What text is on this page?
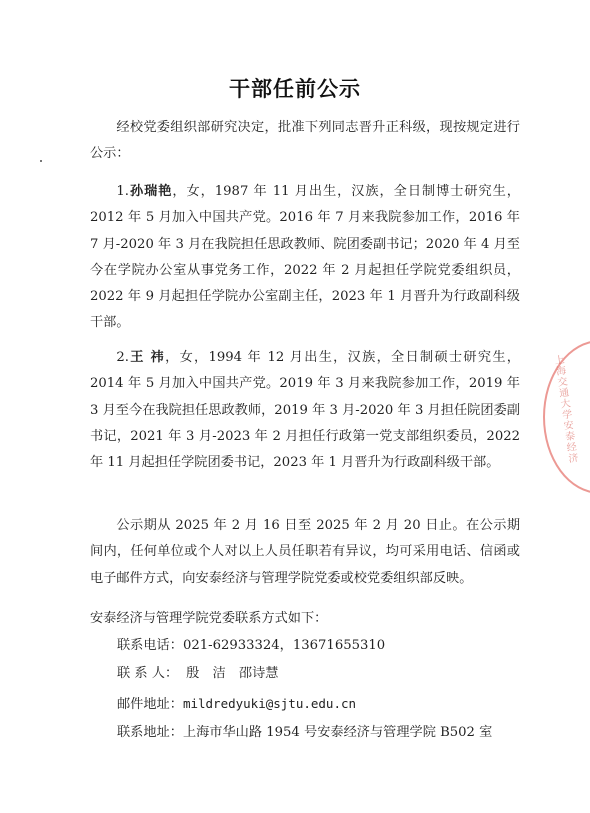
干部任前公示

经校党委组织部研究决定，批准下列同志晋升正科级，现按规定进行公示：

1.孙瑞艳，女，1987 年 11 月出生，汉族，全日制博士研究生，2012 年 5 月加入中国共产党。2016 年 7 月来我院参加工作，2016 年 7 月-2020 年 3 月在我院担任思政教师、院团委副书记；2020 年 4 月至今在学院办公室从事党务工作，2022 年 2 月起担任学院党委组织员，2022 年 9 月起担任学院办公室副主任，2023 年 1 月晋升为行政副科级干部。

2.王 祎，女，1994 年 12 月出生，汉族，全日制硕士研究生，2014 年 5 月加入中国共产党。2019 年 3 月来我院参加工作，2019 年 3 月至今在我院担任思政教师，2019 年 3 月-2020 年 3 月担任院团委副书记，2021 年 3 月-2023 年 2 月担任行政第一党支部组织委员，2022 年 11 月起担任学院团委书记，2023 年 1 月晋升为行政副科级干部。

公示期从 2025 年 2 月 16 日至 2025 年 2 月 20 日止。在公示期间内，任何单位或个人对以上人员任职若有异议，均可采用电话、信函或电子邮件方式，向安泰经济与管理学院党委或校党委组织部反映。

安泰经济与管理学院党委联系方式如下：
联系电话：021-62933324，13671655310
联 系 人： 殷　洁　邵诗慧
邮件地址：mildredyuki@sjtu.edu.cn
联系地址：上海市华山路 1954 号安泰经济与管理学院 B502 室
上海交通大学安泰经济
